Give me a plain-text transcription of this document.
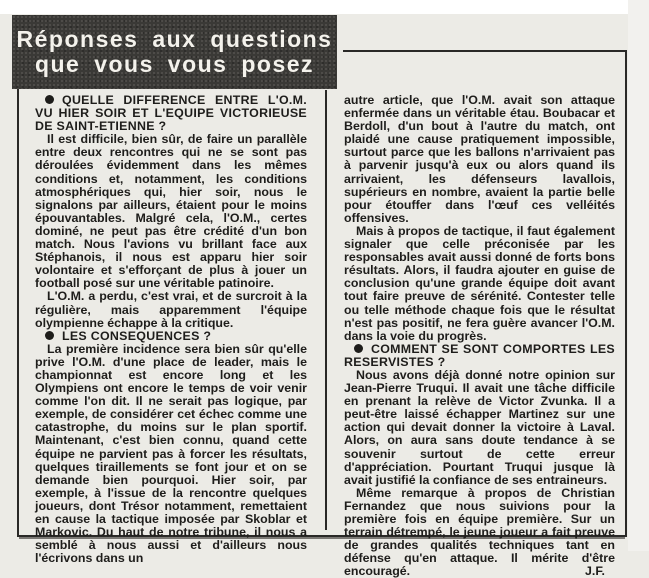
Réponses aux questions
que vous vous posez

QUELLE DIFFERENCE ENTRE L'O.M. VU HIER SOIR ET L'EQUIPE VICTORIEUSE DE SAINT-ETIENNE ?

Il est difficile, bien sûr, de faire un parallèle entre deux rencontres qui ne se sont pas déroulées évidemment dans les mêmes conditions et, notamment, les conditions atmosphériques qui, hier soir, nous le signalons par ailleurs, étaient pour le moins épouvantables. Malgré cela, l'O.M., certes dominé, ne peut pas être crédité d'un bon match. Nous l'avions vu brillant face aux Stéphanois, il nous est apparu hier soir volontaire et s'efforçant de plus à jouer un football posé sur une véritable patinoire.

L'O.M. a perdu, c'est vrai, et de surcroit à la régulière, mais apparemment l'équipe olympienne échappe à la critique.

LES CONSEQUENCES ?

La première incidence sera bien sûr qu'elle prive l'O.M. d'une place de leader, mais le championnat est encore long et les Olympiens ont encore le temps de voir venir comme l'on dit. Il ne serait pas logique, par exemple, de considérer cet échec comme une catastrophe, du moins sur le plan sportif. Maintenant, c'est bien connu, quand cette équipe ne parvient pas à forcer les résultats, quelques tiraillements se font jour et on se demande bien pourquoi. Hier soir, par exemple, à l'issue de la rencontre quelques joueurs, dont Trésor notamment, remettaient en cause la tactique imposée par Skoblar et Markovic. Du haut de notre tribune, il nous a semblé à nous aussi et d'ailleurs nous l'écrivons dans un

autre article, que l'O.M. avait son attaque enfermée dans un véritable étau. Boubacar et Berdoll, d'un bout à l'autre du match, ont plaidé une cause pratiquement impossible, surtout parce que les ballons n'arrivaient pas à parvenir jusqu'à eux ou alors quand ils arrivaient, les défenseurs lavallois, supérieurs en nombre, avaient la partie belle pour étouffer dans l'œuf ces velléités offensives.

Mais à propos de tactique, il faut également signaler que celle préconisée par les responsables avait aussi donné de forts bons résultats. Alors, il faudra ajouter en guise de conclusion qu'une grande équipe doit avant tout faire preuve de sérénité. Contester telle ou telle méthode chaque fois que le résultat n'est pas positif, ne fera guère avancer l'O.M. dans la voie du progrès.

COMMENT SE SONT COMPORTES LES RESERVISTES ?

Nous avons déjà donné notre opinion sur Jean-Pierre Truqui. Il avait une tâche difficile en prenant la relève de Victor Zvunka. Il a peut-être laissé échapper Martinez sur une action qui devait donner la victoire à Laval. Alors, on aura sans doute tendance à se souvenir surtout de cette erreur d'appréciation. Pourtant Truqui jusque là avait justifié la confiance de ses entraineurs.

Même remarque à propos de Christian Fernandez que nous suivions pour la première fois en équipe première. Sur un terrain détrempé, le jeune joueur a fait preuve de grandes qualités techniques tant en défense qu'en attaque. Il mérite d'être encouragé.	J.F.
